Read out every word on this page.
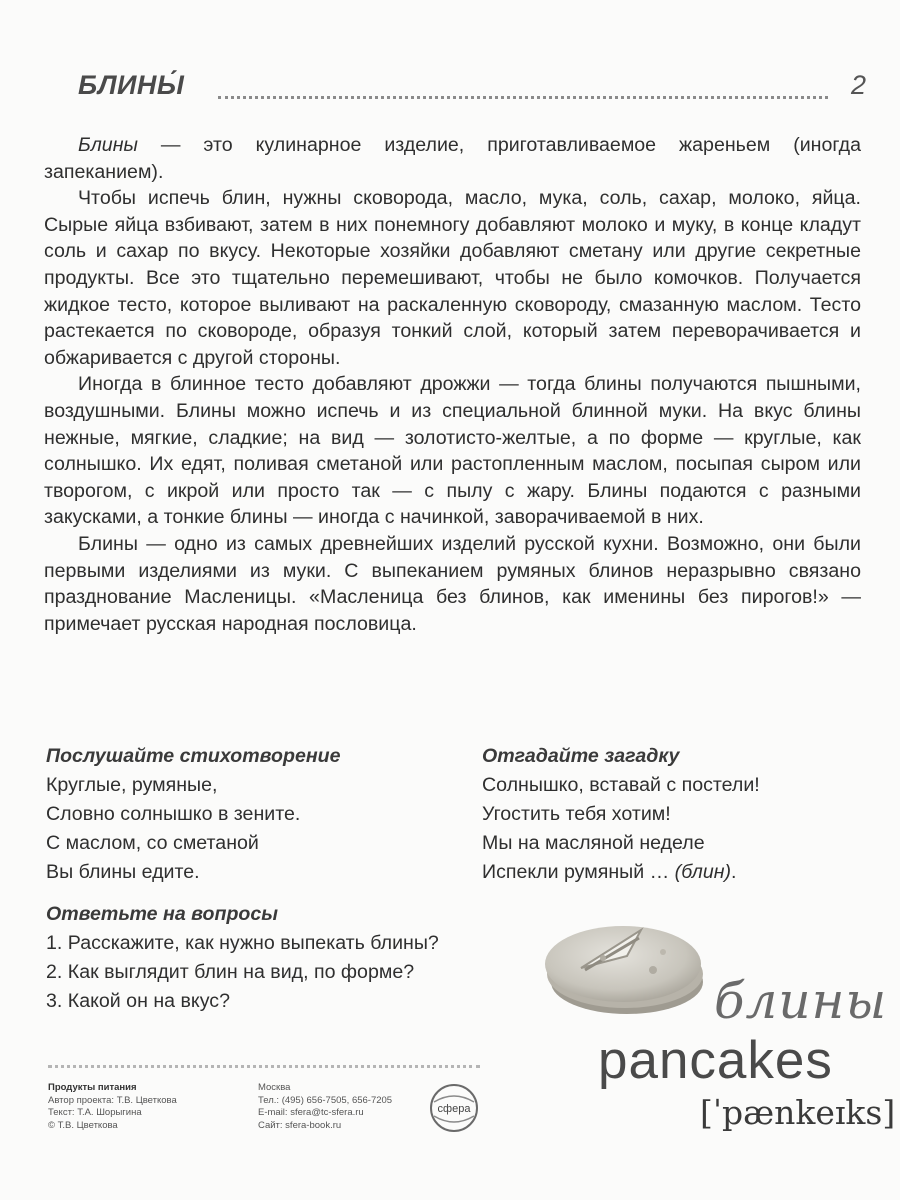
БЛИНЫ́	2

Блины — это кулинарное изделие, приготавливаемое жареньем (иногда запеканием).

Чтобы испечь блин, нужны сковорода, масло, мука, соль, сахар, молоко, яйца. Сырые яйца взбивают, затем в них понемногу добавляют молоко и муку, в конце кладут соль и сахар по вкусу. Некоторые хозяйки добавляют сметану или другие секретные продукты. Все это тщательно перемешивают, чтобы не было комочков. Получается жидкое тесто, которое выливают на раскаленную сковороду, смазанную маслом. Тесто растекается по сковороде, образуя тонкий слой, который затем переворачивается и обжаривается с другой стороны.

Иногда в блинное тесто добавляют дрожжи — тогда блины получаются пышными, воздушными. Блины можно испечь и из специальной блинной муки. На вкус блины нежные, мягкие, сладкие; на вид — золотисто-желтые, а по форме — круглые, как солнышко. Их едят, поливая сметаной или растопленным маслом, посыпая сыром или творогом, с икрой или просто так — с пылу с жару. Блины подаются с разными закусками, а тонкие блины — иногда с начинкой, заворачиваемой в них.

Блины — одно из самых древнейших изделий русской кухни. Возможно, они были первыми изделиями из муки. С выпеканием румяных блинов неразрывно связано празднование Масленицы. «Масленица без блинов, как именины без пирогов!» — примечает русская народная пословица.

Послушайте стихотворение
Круглые, румяные,
Словно солнышко в зените.
С маслом, со сметаной
Вы блины едите.
Отгадайте загадку
Солнышко, вставай с постели!
Угостить тебя хотим!
Мы на масляной неделе
Испекли румяный … (блин).
Ответьте на вопросы
1. Расскажите, как нужно выпекать блины?
2. Как выглядит блин на вид, по форме?
3. Какой он на вкус?	блины
pancakes
[ˈpænkeɪks]
Продукты питания
Автор проекта: Т.В. Цветкова
Текст: Т.А. Шорыгина
© Т.В. Цветкова
Москва
Тел.: (495) 656-7505, 656-7205
E-mail: sfera@tc-sfera.ru
Сайт: sfera-book.ru
сфера
